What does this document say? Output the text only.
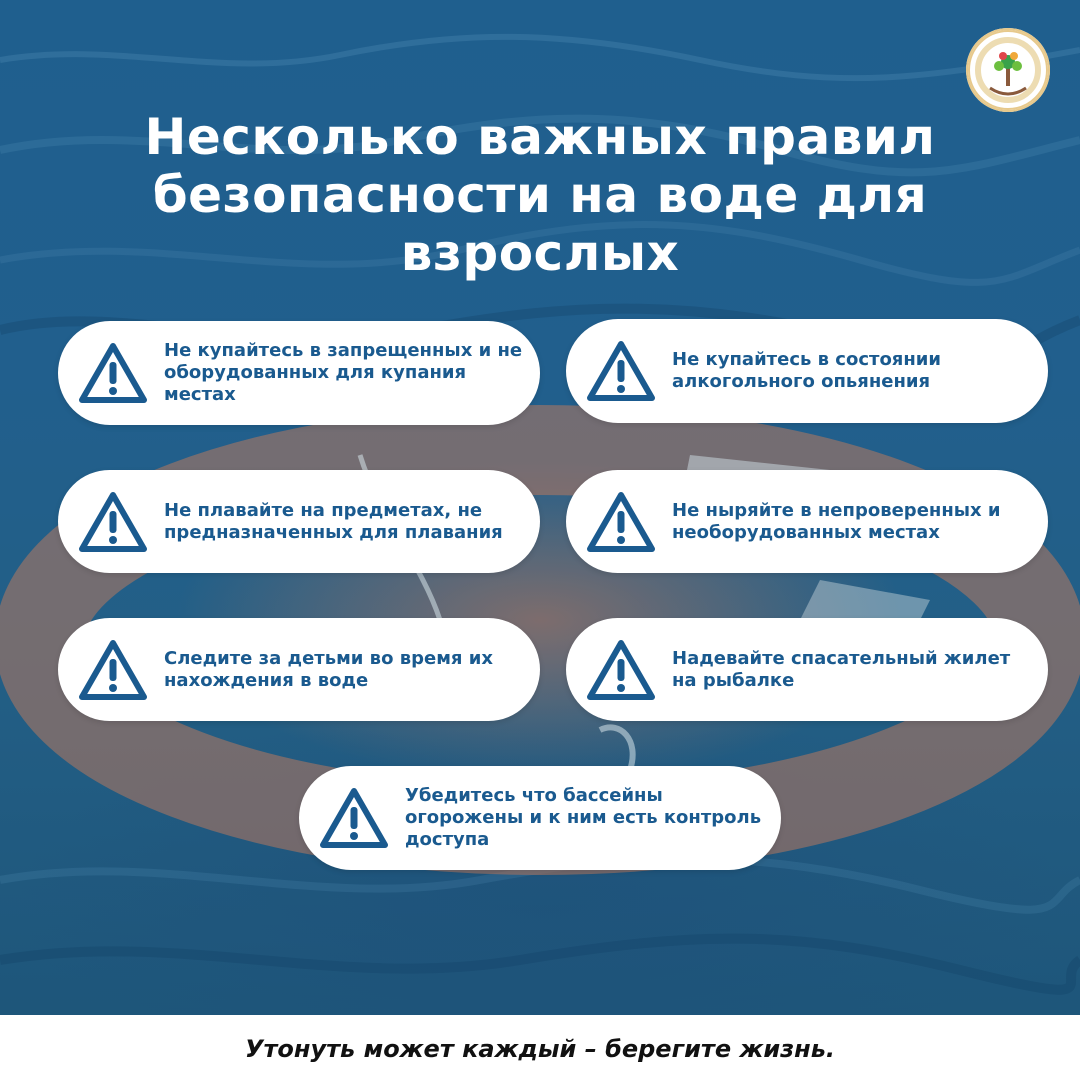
Несколько важных правил безопасности на воде для взрослых
Не купайтесь в запрещенных и не оборудованных для купания местах
Не купайтесь в состоянии алкогольного опьянения
Не плавайте на предметах, не предназначенных для плавания
Не ныряйте в непроверенных и необорудованных местах
Следите за детьми во время их нахождения в воде
Надевайте спасательный жилет на рыбалке
Убедитесь что бассейны огорожены и к ним есть контроль доступа
Утонуть может каждый – берегите жизнь.
